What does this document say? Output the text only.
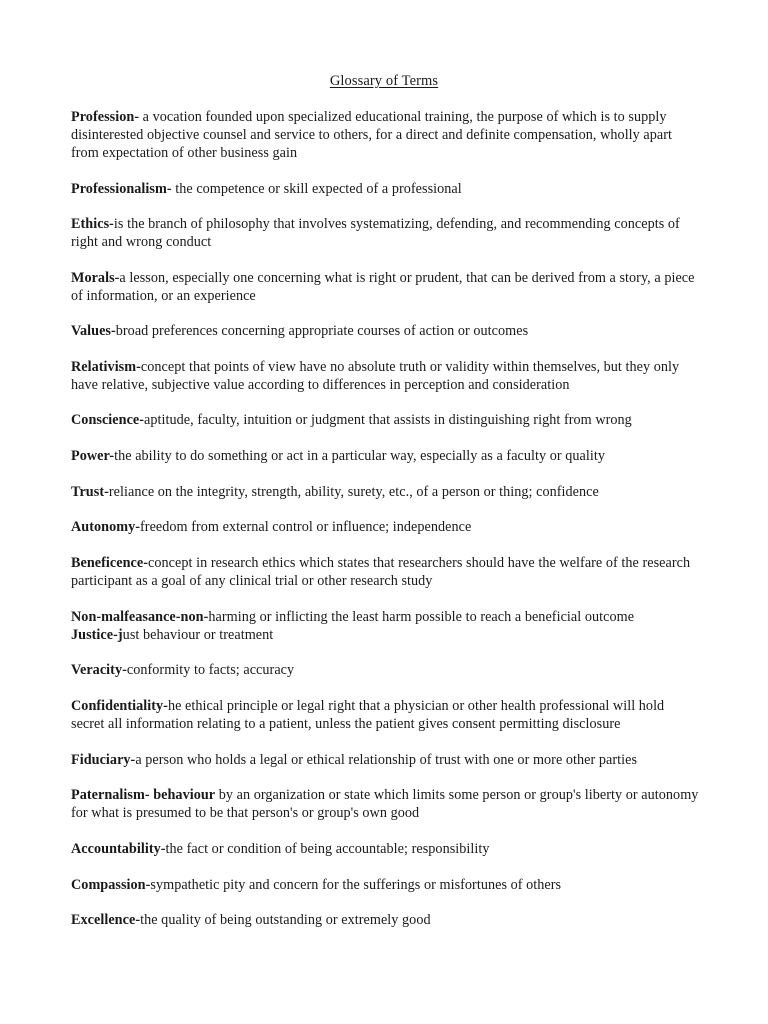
Glossary of Terms
Profession- a vocation founded upon specialized educational training, the purpose of which is to supply disinterested objective counsel and service to others, for a direct and definite compensation, wholly apart from expectation of other business gain
Professionalism- the competence or skill expected of a professional
Ethics-is the branch of philosophy that involves systematizing, defending, and recommending concepts of right and wrong conduct
Morals-a lesson, especially one concerning what is right or prudent, that can be derived from a story, a piece of information, or an experience
Values-broad preferences concerning appropriate courses of action or outcomes
Relativism-concept that points of view have no absolute truth or validity within themselves, but they only have relative, subjective value according to differences in perception and consideration
Conscience-aptitude, faculty, intuition or judgment that assists in distinguishing right from wrong
Power-the ability to do something or act in a particular way, especially as a faculty or quality
Trust-reliance on the integrity, strength, ability, surety, etc., of a person or thing; confidence
Autonomy-freedom from external control or influence; independence
Beneficence-concept in research ethics which states that researchers should have the welfare of the research participant as a goal of any clinical trial or other research study
Non-malfeasance-non-harming or inflicting the least harm possible to reach a beneficial outcome
Justice-just behaviour or treatment
Veracity-conformity to facts; accuracy
Confidentiality-he ethical principle or legal right that a physician or other health professional will hold secret all information relating to a patient, unless the patient gives consent permitting disclosure
Fiduciary-a person who holds a legal or ethical relationship of trust with one or more other parties
Paternalism- behaviour by an organization or state which limits some person or group's liberty or autonomy for what is presumed to be that person's or group's own good
Accountability-the fact or condition of being accountable; responsibility
Compassion-sympathetic pity and concern for the sufferings or misfortunes of others
Excellence-the quality of being outstanding or extremely good
